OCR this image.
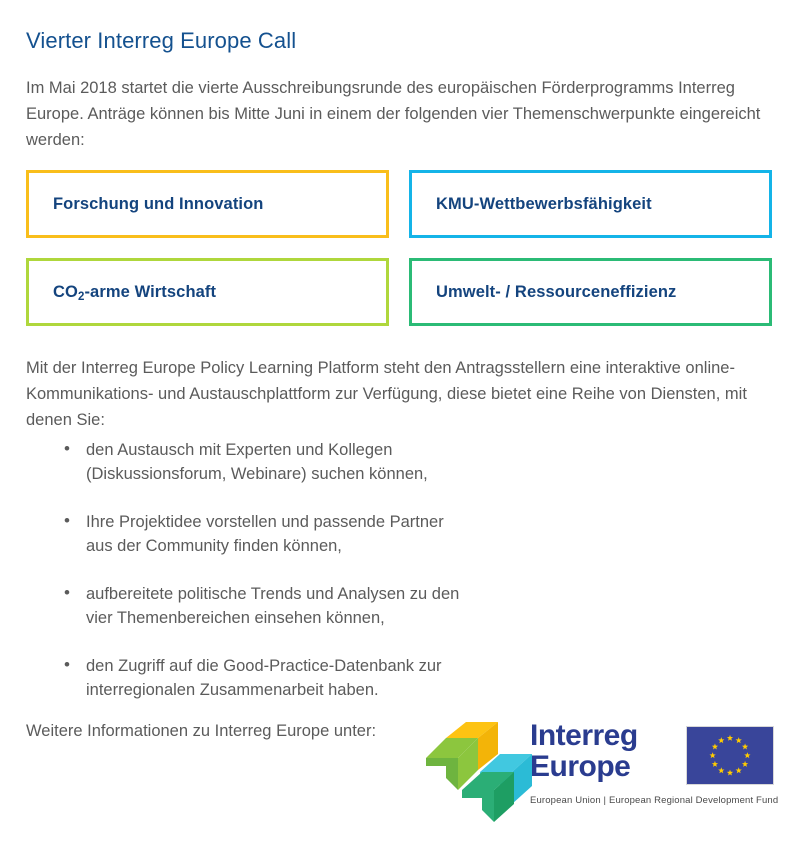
Vierter Interreg Europe Call
Im Mai 2018 startet die vierte Ausschreibungsrunde des europäischen Förderprogramms Interreg Europe. Anträge können bis Mitte Juni in einem der folgenden vier Themenschwerpunkte eingereicht werden:
Forschung und Innovation	KMU-Wettbewerbsfähigkeit
$CO_2$-arme Wirtschaft	Umwelt- / Ressourceneffizienz
Mit der Interreg Europe Policy Learning Platform steht den Antragsstellern eine interaktive online-Kommunikations- und Austauschplattform zur Verfügung, diese bietet eine Reihe von Diensten, mit denen Sie:
• den Austausch mit Experten und Kollegen
(Diskussionsforum, Webinare) suchen können,
• Ihre Projektidee vorstellen und passende Partner
aus der Community finden können,
• aufbereitete politische Trends und Analysen zu den
vier Themenbereichen einsehen können,
• den Zugriff auf die Good-Practice-Datenbank zur
interregionalen Zusammenarbeit haben.
Weitere Informationen zu Interreg Europe unter:	Interreg
Europe
European Union | European Regional Development Fund
